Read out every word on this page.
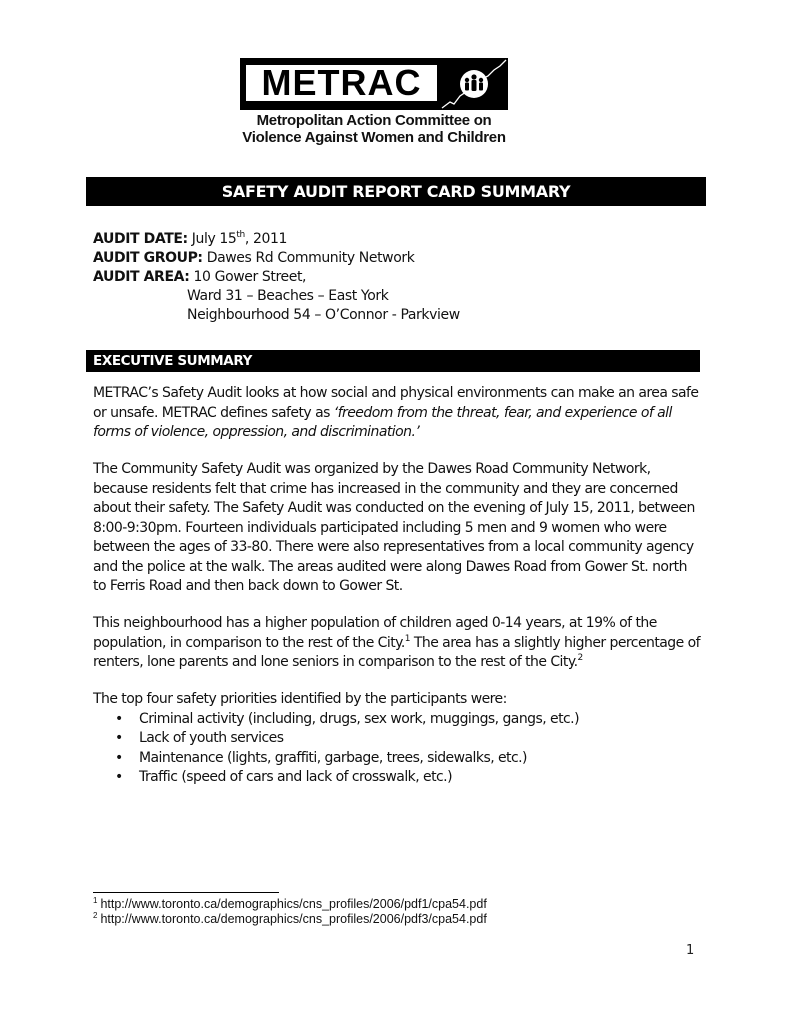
METRAC
Metropolitan Action Committee on
Violence Against Women and Children
SAFETY AUDIT REPORT CARD SUMMARY
AUDIT DATE: July 15th, 2011
AUDIT GROUP: Dawes Rd Community Network
AUDIT AREA: 10 Gower Street,
Ward 31 – Beaches – East York
Neighbourhood 54 – O’Connor - Parkview
EXECUTIVE SUMMARY

METRAC’s Safety Audit looks at how social and physical environments can make an area safe or unsafe. METRAC defines safety as ‘freedom from the threat, fear, and experience of all forms of violence, oppression, and discrimination.’

The Community Safety Audit was organized by the Dawes Road Community Network, because residents felt that crime has increased in the community and they are concerned about their safety. The Safety Audit was conducted on the evening of July 15, 2011, between 8:00-9:30pm. Fourteen individuals participated including 5 men and 9 women who were between the ages of 33-80. There were also representatives from a local community agency and the police at the walk. The areas audited were along Dawes Road from Gower St. north to Ferris Road and then back down to Gower St.

This neighbourhood has a higher population of children aged 0-14 years, at 19% of the population, in comparison to the rest of the City.$^1$ The area has a slightly higher percentage of renters, lone parents and lone seniors in comparison to the rest of the City.$^2$

The top four safety priorities identified by the participants were:
• Criminal activity (including, drugs, sex work, muggings, gangs, etc.)
• Lack of youth services
• Maintenance (lights, graffiti, garbage, trees, sidewalks, etc.)
• Traffic (speed of cars and lack of crosswalk, etc.)
$^1$ http://www.toronto.ca/demographics/cns_profiles/2006/pdf1/cpa54.pdf
$^2$ http://www.toronto.ca/demographics/cns_profiles/2006/pdf3/cpa54.pdf
1
